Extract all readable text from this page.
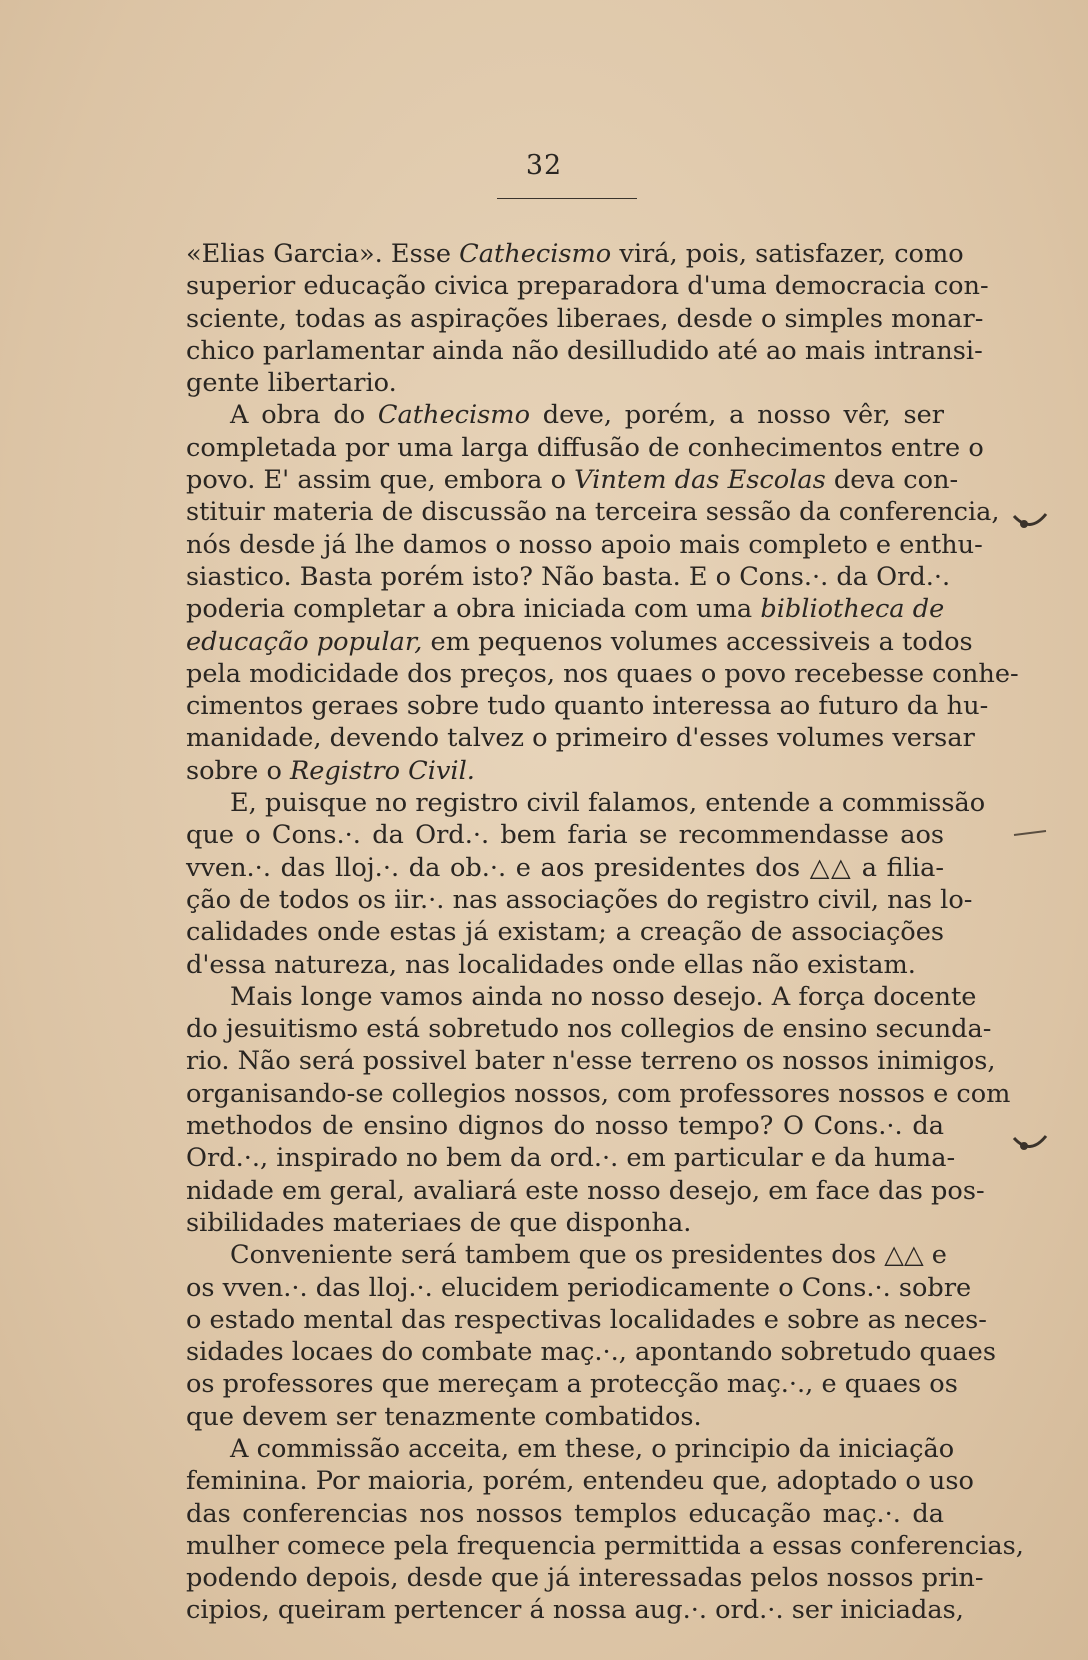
32
«Elias Garcia». Esse Cathecismo virá, pois, satisfazer, como
superior educação civica preparadora d'uma democracia con-
sciente, todas as aspirações liberaes, desde o simples monar-
chico parlamentar ainda não desilludido até ao mais intransi-
gente libertario.
A obra do Cathecismo deve, porém, a nosso vêr, ser
completada por uma larga diffusão de conhecimentos entre o
povo. E' assim que, embora o Vintem das Escolas deva con-
stituir materia de discussão na terceira sessão da conferencia,
nós desde já lhe damos o nosso apoio mais completo e enthu-
siastico. Basta porém isto? Não basta. E o Cons.·. da Ord.·.
poderia completar a obra iniciada com uma bibliotheca de
educação popular, em pequenos volumes accessiveis a todos
pela modicidade dos preços, nos quaes o povo recebesse conhe-
cimentos geraes sobre tudo quanto interessa ao futuro da hu-
manidade, devendo talvez o primeiro d'esses volumes versar
sobre o Registro Civil.
E, puisque no registro civil falamos, entende a commissão
que o Cons.·. da Ord.·. bem faria se recommendasse aos
vven.·. das lloj.·. da ob.·. e aos presidentes dos △△ a filia-
ção de todos os iir.·. nas associações do registro civil, nas lo-
calidades onde estas já existam; a creação de associações
d'essa natureza, nas localidades onde ellas não existam.
Mais longe vamos ainda no nosso desejo. A força docente
do jesuitismo está sobretudo nos collegios de ensino secunda-
rio. Não será possivel bater n'esse terreno os nossos inimigos,
organisando-se collegios nossos, com professores nossos e com
methodos de ensino dignos do nosso tempo? O Cons.·. da
Ord.·., inspirado no bem da ord.·. em particular e da huma-
nidade em geral, avaliará este nosso desejo, em face das pos-
sibilidades materiaes de que disponha.
Conveniente será tambem que os presidentes dos △△ e
os vven.·. das lloj.·. elucidem periodicamente o Cons.·. sobre
o estado mental das respectivas localidades e sobre as neces-
sidades locaes do combate maç.·., apontando sobretudo quaes
os professores que mereçam a protecção maç.·., e quaes os
que devem ser tenazmente combatidos.
A commissão acceita, em these, o principio da iniciação
feminina. Por maioria, porém, entendeu que, adoptado o uso
das conferencias nos nossos templos educação maç.·. da
mulher comece pela frequencia permittida a essas conferencias,
podendo depois, desde que já interessadas pelos nossos prin-
cipios, queiram pertencer á nossa aug.·. ord.·. ser iniciadas,
